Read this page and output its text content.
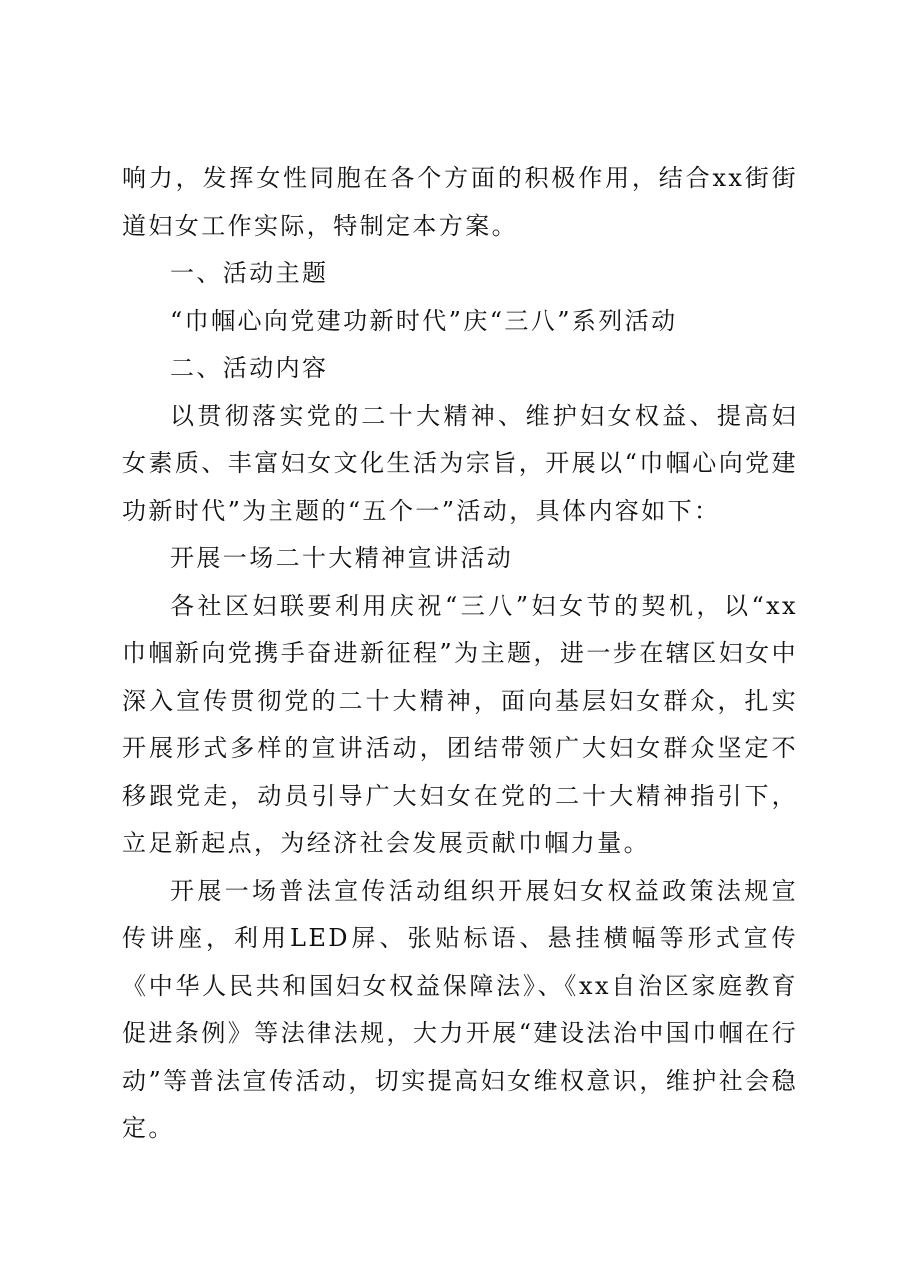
响力，发挥女性同胞在各个方面的积极作用，结合xx街街道妇女工作实际，特制定本方案。

一、活动主题

“巾帼心向党建功新时代”庆“三八”系列活动

二、活动内容

以贯彻落实党的二十大精神、维护妇女权益、提高妇女素质、丰富妇女文化生活为宗旨，开展以“巾帼心向党建功新时代”为主题的“五个一”活动，具体内容如下：

开展一场二十大精神宣讲活动

各社区妇联要利用庆祝“三八”妇女节的契机，以“xx巾帼新向党携手奋进新征程”为主题，进一步在辖区妇女中深入宣传贯彻党的二十大精神，面向基层妇女群众，扎实开展形式多样的宣讲活动，团结带领广大妇女群众坚定不移跟党走，动员引导广大妇女在党的二十大精神指引下，立足新起点，为经济社会发展贡献巾帼力量。

开展一场普法宣传活动组织开展妇女权益政策法规宣传讲座，利用LED屏、张贴标语、悬挂横幅等形式宣传《中华人民共和国妇女权益保障法》、《xx自治区家庭教育促进条例》等法律法规，大力开展“建设法治中国巾帼在行动”等普法宣传活动，切实提高妇女维权意识，维护社会稳定。
